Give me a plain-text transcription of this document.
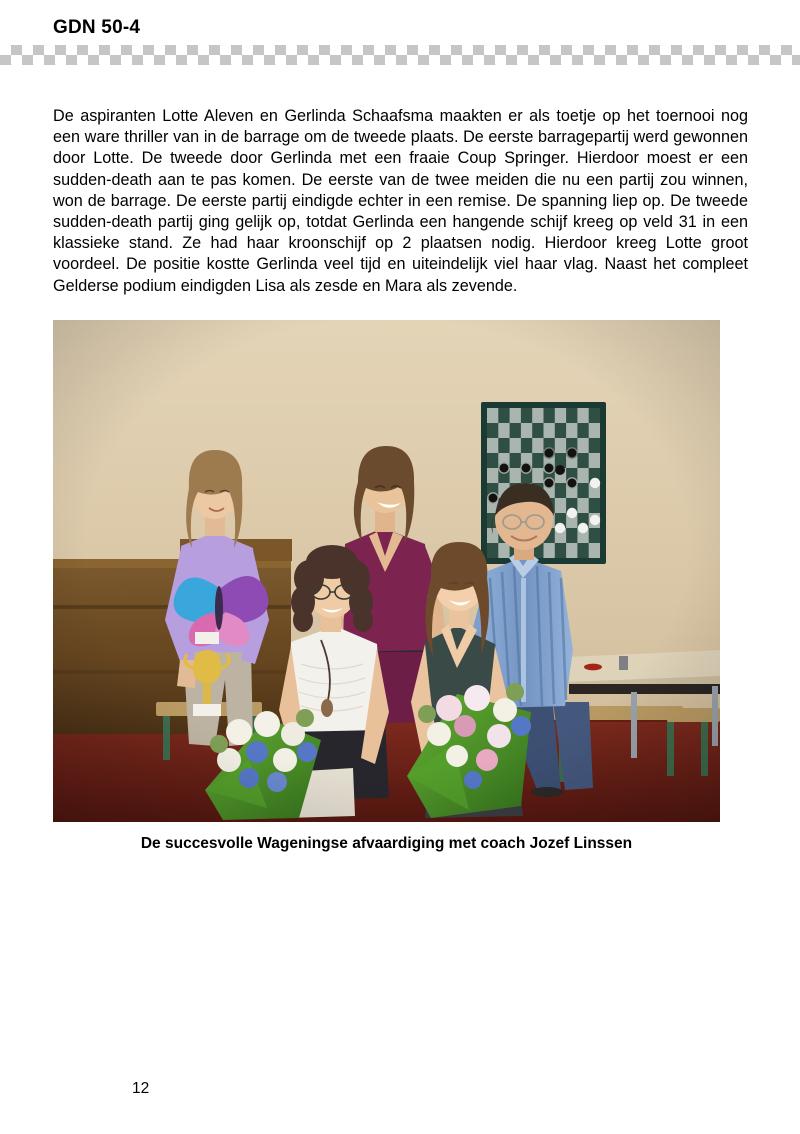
GDN 50-4

De aspiranten Lotte Aleven en Gerlinda Schaafsma maakten er als toetje op het toernooi nog een ware thriller van in de barrage om de tweede plaats. De eerste barragepartij werd gewonnen door Lotte. De tweede door Gerlinda met een fraaie Coup Springer. Hierdoor moest er een sudden-death aan te pas komen. De eerste van de twee meiden die nu een partij zou winnen, won de barrage. De eerste partij eindigde echter in een remise. De spanning liep op. De tweede sudden-death partij ging gelijk op, totdat Gerlinda een hangende schijf kreeg op veld 31 in een klassieke stand. Ze had haar kroonschijf op 2 plaatsen nodig. Hierdoor kreeg Lotte groot voordeel. De positie kostte Gerlinda veel tijd en uiteindelijk viel haar vlag. Naast het compleet Gelderse podium eindigden Lisa als zesde en Mara als zevende.

De succesvolle Wageningse afvaardiging met coach Jozef Linssen
12
